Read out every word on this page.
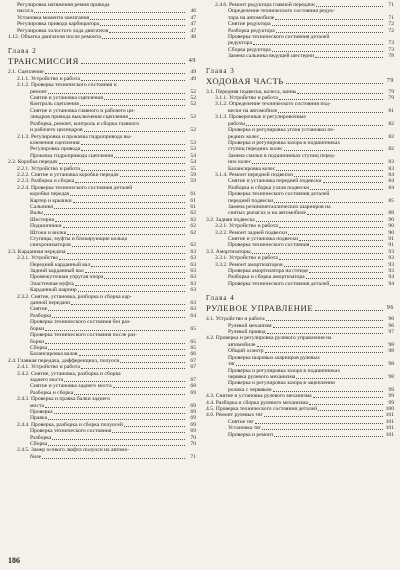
Регулировка натяжения ремня привода
насоса	46
Установка момента зажигания	47
Регулировка привода карбюратора	47
Регулировка холостого хода двигателя	47
1.12. Обкатка двигателя после ремонта	48
Глава 2
ТРАНСМИССИЯ	49
2.1. Сцепление	49
2.1.1. Устройство и работа	49
2.1.2. Проверка технического состояния и
ремонт	52
Снятие и установка сцепления	52
Контроль сцепления	52
Снятие и установка главного и рабочего ци-
линдров привода выключения сцепления	52
Разборка, ремонт, контроль и сборка главного
и рабочего цилиндров	52
2.1.3. Регулировка и прокачка гидропривода вы-
ключения сцепления	53
Регулировка привода	53
Прокачка гидропривода сцепления	54
2.2. Коробка передач	54
2.2.1. Устройство и работа	55
2.2.2. Снятие и установка коробки передач	59
2.2.3. Разборка и сборка	59
2.2.4. Проверка технического состояния деталей
коробки передач	61
Картер и крышки	61
Сальники	61
Валы	62
Шестерни	62
Подшипники	62
Штоки и вилки	62
Ступицы, муфты и блокирующие кольца
синхронизаторов	62
2.3. Карданная передача	63
2.3.1. Устройство	63
Передний карданный вал	63
Задний карданный вал	63
Промежуточная упругая опора	63
Эластичная муфта	63
Карданный шарнир	63
2.3.2. Снятие, установка, разборка и сборка кар-
данной передачи	63
Снятие	63
Разборка	64
Проверка технического состояния без раз-
борки	65
Проверка технического состояния после раз-
борки	65
Сборка	65
Балансировка валов	66
2.4. Главная передача, дифференциал, полуоси	67
2.4.1. Устройство и работа	67
2.4.2. Снятие, установка, разборка и сборка
заднего моста	67
Снятие и установка заднего моста	68
Разборка и сборка	69
2.4.3. Проверка и правка балки заднего
моста	69
Проверка	69
Правка	69
2.4.4. Проверка, разборка и сборка полуосей	69
Проверка технического состояния	69
Разборка	70
Сборка	70
2.4.5. Замер осевого люфта полуоси на автомо-
биле	71
2.4.6. Ремонт редуктора главной передачи	71
Определение технического состояния редук-
тора на автомобиле	71
Снятие редуктора	72
Разборка редуктора	72
Проверка технического состояния деталей
редуктора	73
Сборка редуктора	73
Замена сальника ведущей шестерни	78
Глава 3
ХОДОВАЯ ЧАСТЬ	79
3.1. Передняя подвеска, колеса, шины	79
3.1.1. Устройство и работа	79
3.1.2. Определение технического состояния под-
вески на автомобиле	81
3.1.3. Проверочные и регулировочные
работы	82
Проверка и регулировка углов установки пе-
редних колес	82
Проверка и регулировка зазора в подшипниках
ступиц передних колес	82
Замена смазки в подшипниках ступиц перед-
них колес	83
Балансировка колес	83
3.1.4. Ремонт передней подвески	84
Снятие и установка передней подвески	84
Разборка и сборка узлов подвески	84
Проверка технического состояния деталей
передней подвески	85
Замена резинометаллических шарниров на
снятых рычагах и на автомобиле	88
3.2. Задняя подвеска	90
3.2.1. Устройство и работа	90
3.2.2. Ремонт задней подвески	90
Снятие и установка подвески	91
Проверка технического состояния	91
3.3. Амортизаторы	93
3.3.1. Устройство и работа	93
3.3.2. Ремонт амортизаторов	93
Проверка амортизатора на стенде	93
Разборка и сборка амортизатора	94
Проверка технического состояния деталей	94
Глава 4
РУЛЕВОЕ УПРАВЛЕНИЕ	96
4.1. Устройство и работа	96
Рулевой механизм	96
Рулевой привод	97
4.2. Проверка и регулировка рулевого управления на
автомобиле	98
Общий осмотр	98
Проверка шаровых шарниров рулевых
тяг	98
Проверка и регулировка зазора в подшипниках
червяка рулевого механизма	98
Проверка и регулировка зазора в зацеплении
ролика с червяком	99
4.3. Снятие и установка рулевого механизма	99
4.4. Разборка и сборка рулевого механизма	99
4.5. Проверка технического состояния деталей	100
4.6. Ремонт рулевых тяг	101
Снятие тяг	101
Установка тяг	101
Проверка и ремонт	101
186
